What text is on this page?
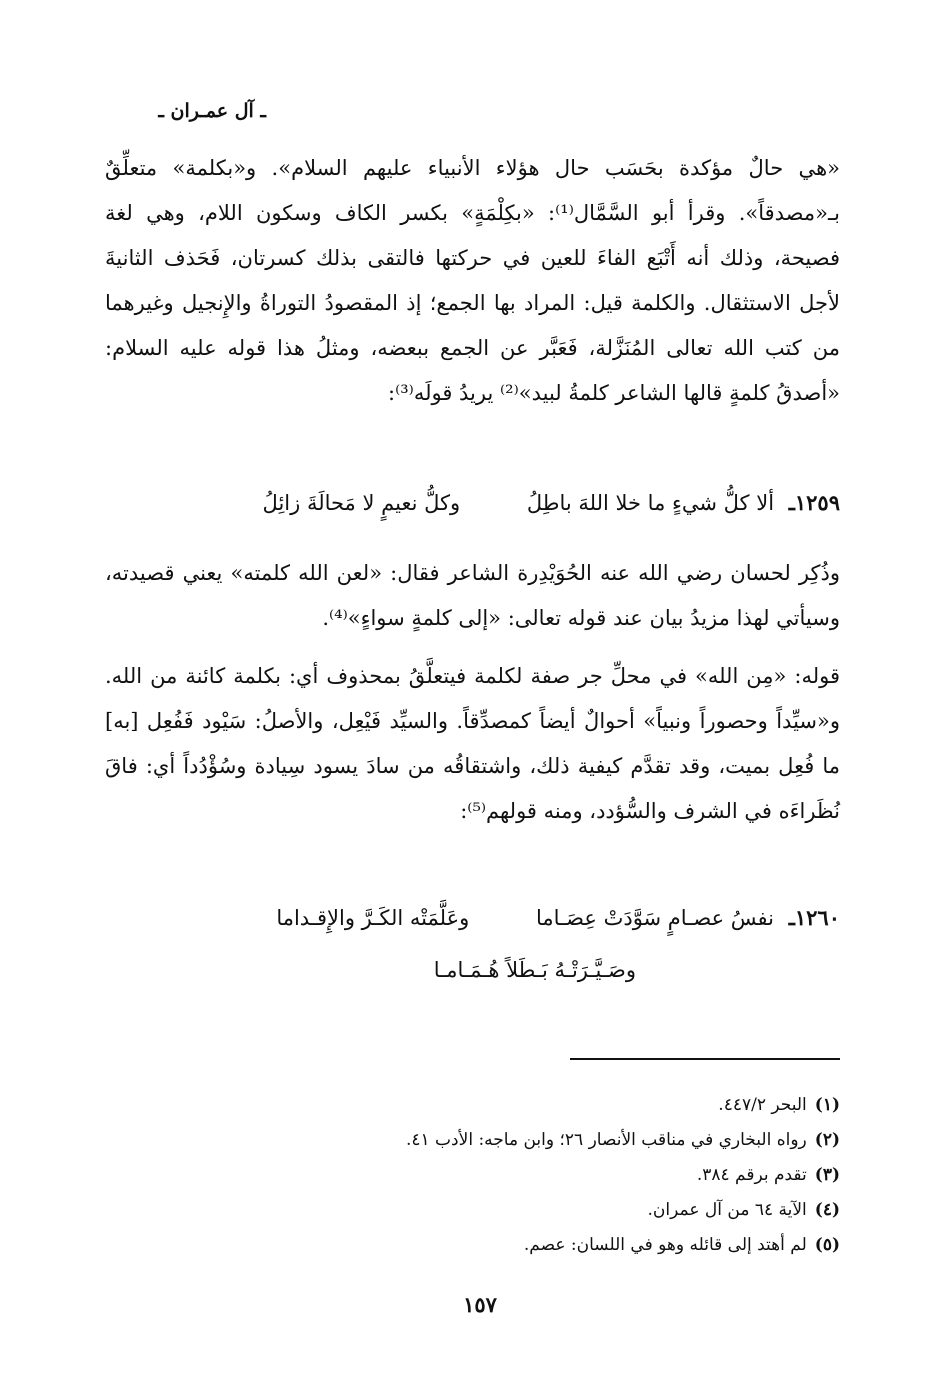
ـ آل عمـران ـ
«هي حالٌ مؤكدة بحَسَب حال هؤلاء الأنبياء عليهم السلام». و«بكلمة» متعلِّقٌ بـ«مصدقاً». وقرأ أبو السَّمَّال⁽¹⁾: «بكِلْمَةٍ» بكسر الكاف وسكون اللام، وهي لغة فصيحة، وذلك أنه أَتْبَع الفاءَ للعين في حركتها فالتقى بذلك كسرتان، فَحَذف الثانيةَ لأجل الاستثقال. والكلمة قيل: المراد بها الجمع؛ إذ المقصودُ التوراةُ والإِنجيل وغيرهما من كتب الله تعالى المُنَزَّلة، فَعَبَّر عن الجمع ببعضه، ومثلُ هذا قوله عليه السلام: «أصدقُ كلمةٍ قالها الشاعر كلمةُ لبيد»⁽²⁾ يريدُ قولَه⁽³⁾:
١٢٥٩ـ ألا كلُّ شيءٍ ما خلا اللهَ باطِلُ وكلُّ نعيمٍ لا مَحالَةَ زائِلُ
وذُكِر لحسان رضي الله عنه الحُوَيْدِرة الشاعر فقال: «لعن الله كلمته» يعني قصيدته، وسيأتي لهذا مزيدُ بيان عند قوله تعالى: «إلى كلمةٍ سواءٍ»⁽⁴⁾.
قوله: «مِن الله» في محلِّ جر صفة لكلمة فيتعلَّقُ بمحذوف أي: بكلمة كائنة من الله. و«سيِّداً وحصوراً ونبياً» أحوالٌ أيضاً كمصدِّقاً. والسيِّد فَيْعِل، والأصلُ: سَيْود فَفُعِل [به] ما فُعِل بميت، وقد تقدَّم كيفية ذلك، واشتقاقُه من سادَ يسود سِيادة وسُؤْدُداً أي: فاقَ نُظَراءَه في الشرف والسُّؤدد، ومنه قولهم⁽⁵⁾:
١٢٦٠ـ نفسُ عصـامٍ سَوَّدَتْ عِصَـاما وعَلَّمَتْه الكَـرَّ والإِقـداما
وصَـيَّـرَتْـهُ بَـطَلاً هُـمَـامـا
(١)البحر ٤٤٧/٢.
(٢)رواه البخاري في مناقب الأنصار ٢٦؛ وابن ماجه: الأدب ٤١.
(٣)تقدم برقم ٣٨٤.
(٤)الآية ٦٤ من آل عمران.
(٥)لم أهتد إلى قائله وهو في اللسان: عصم.
١٥٧
